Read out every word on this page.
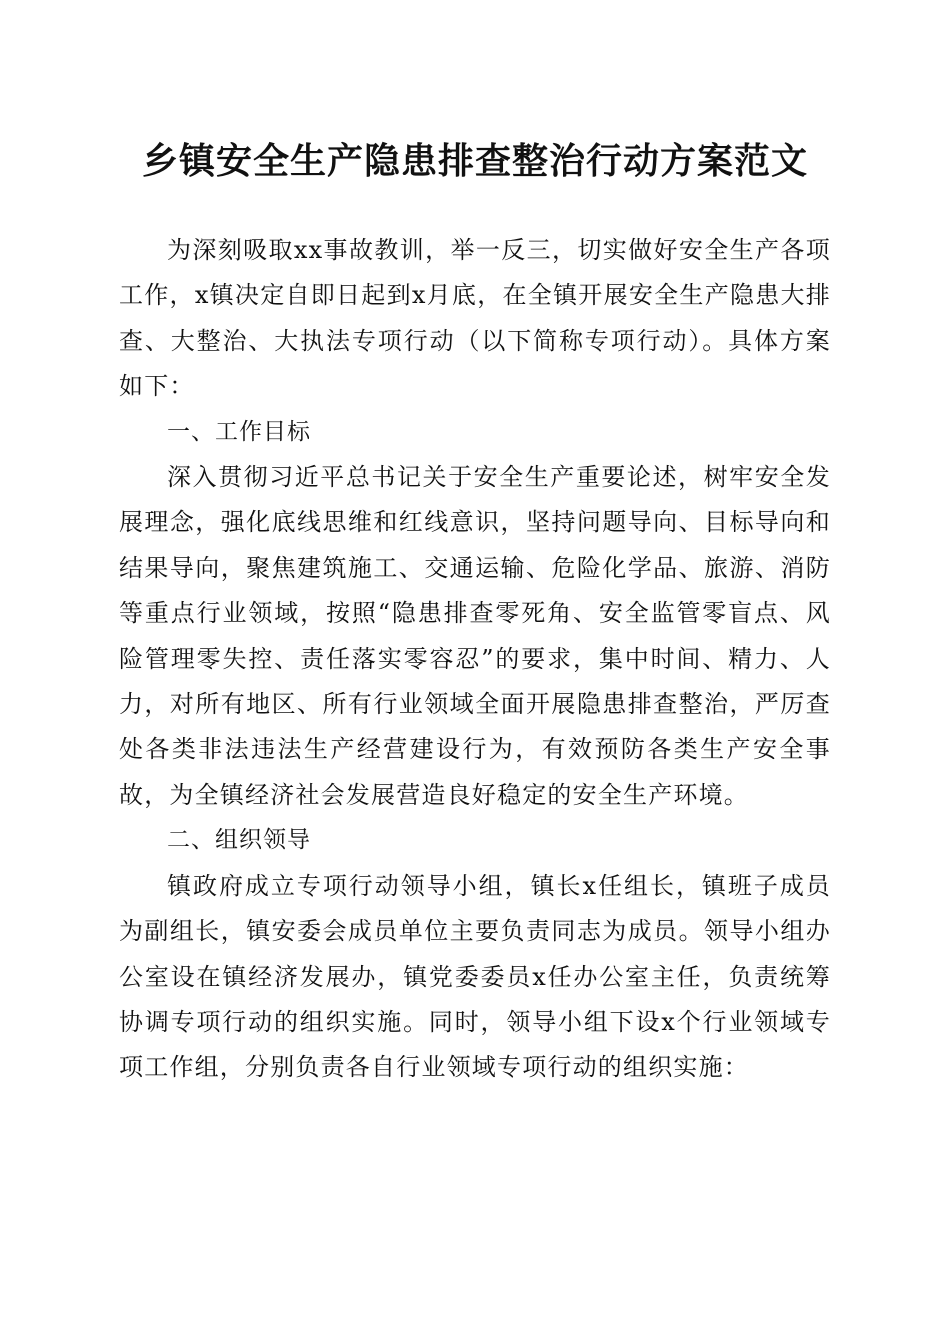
乡镇安全生产隐患排查整治行动方案范文

为深刻吸取xx事故教训，举一反三，切实做好安全生产各项工作，x镇决定自即日起到x月底，在全镇开展安全生产隐患大排查、大整治、大执法专项行动（以下简称专项行动）。具体方案如下：

一、工作目标

深入贯彻习近平总书记关于安全生产重要论述，树牢安全发展理念，强化底线思维和红线意识，坚持问题导向、目标导向和结果导向，聚焦建筑施工、交通运输、危险化学品、旅游、消防等重点行业领域，按照“隐患排查零死角、安全监管零盲点、风险管理零失控、责任落实零容忍”的要求，集中时间、精力、人力，对所有地区、所有行业领域全面开展隐患排查整治，严厉查处各类非法违法生产经营建设行为，有效预防各类生产安全事故，为全镇经济社会发展营造良好稳定的安全生产环境。

二、组织领导

镇政府成立专项行动领导小组，镇长x任组长，镇班子成员为副组长，镇安委会成员单位主要负责同志为成员。领导小组办公室设在镇经济发展办，镇党委委员x任办公室主任，负责统筹协调专项行动的组织实施。同时，领导小组下设x个行业领域专项工作组，分别负责各自行业领域专项行动的组织实施：
